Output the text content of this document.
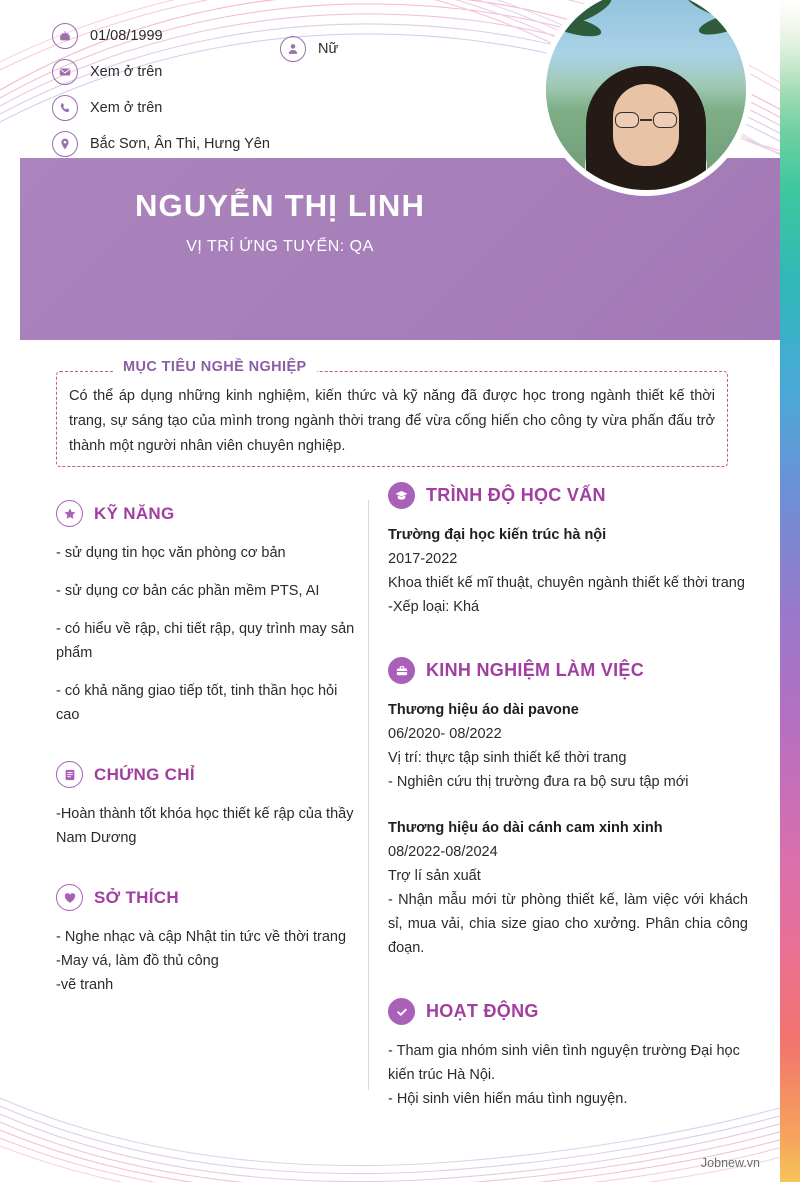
01/08/1999
Nữ
Xem ở trên
Xem ở trên
Bắc Sơn, Ân Thi, Hưng Yên
NGUYỄN THỊ LINH
VỊ TRÍ ỨNG TUYỂN: QA
MỤC TIÊU NGHỀ NGHIỆP
Có thể áp dụng những kinh nghiệm, kiến thức và kỹ năng đã được học trong ngành thiết kế thời trang, sự sáng tạo của mình trong ngành thời trang để vừa cống hiến cho công ty vừa phấn đấu trở thành một người nhân viên chuyên nghiệp.
KỸ NĂNG

- sử dụng tin học văn phòng cơ bản

- sử dụng cơ bản các phần mềm PTS, AI

- có hiểu về rập, chi tiết rập, quy trình may sản phẩm

- có khả năng giao tiếp tốt, tinh thần học hỏi cao

CHỨNG CHỈ

-Hoàn thành tốt khóa học thiết kế rập của thầy Nam Dương

SỞ THÍCH

- Nghe nhạc và cập Nhật tin tức về thời trang

-May vá, làm đồ thủ công

-vẽ tranh

TRÌNH ĐỘ HỌC VẤN
Trường đại học kiến trúc hà nội
2017-2022
Khoa thiết kế mĩ thuật, chuyên ngành thiết kế thời trang
-Xếp loại: Khá
KINH NGHIỆM LÀM VIỆC
Thương hiệu áo dài pavone
06/2020- 08/2022
Vị trí: thực tập sinh thiết kế thời trang
- Nghiên cứu thị trường đưa ra bộ sưu tập mới
Thương hiệu áo dài cánh cam xinh xinh
08/2022-08/2024
Trợ lí sản xuất
- Nhận mẫu mới từ phòng thiết kế, làm việc với khách sỉ, mua vải, chia size giao cho xưởng. Phân chia công đoạn.
HOẠT ĐỘNG

- Tham gia nhóm sinh viên tình nguyện trường Đại học kiến trúc Hà Nội.

- Hội sinh viên hiến máu tình nguyện.

Jobnew.vn
